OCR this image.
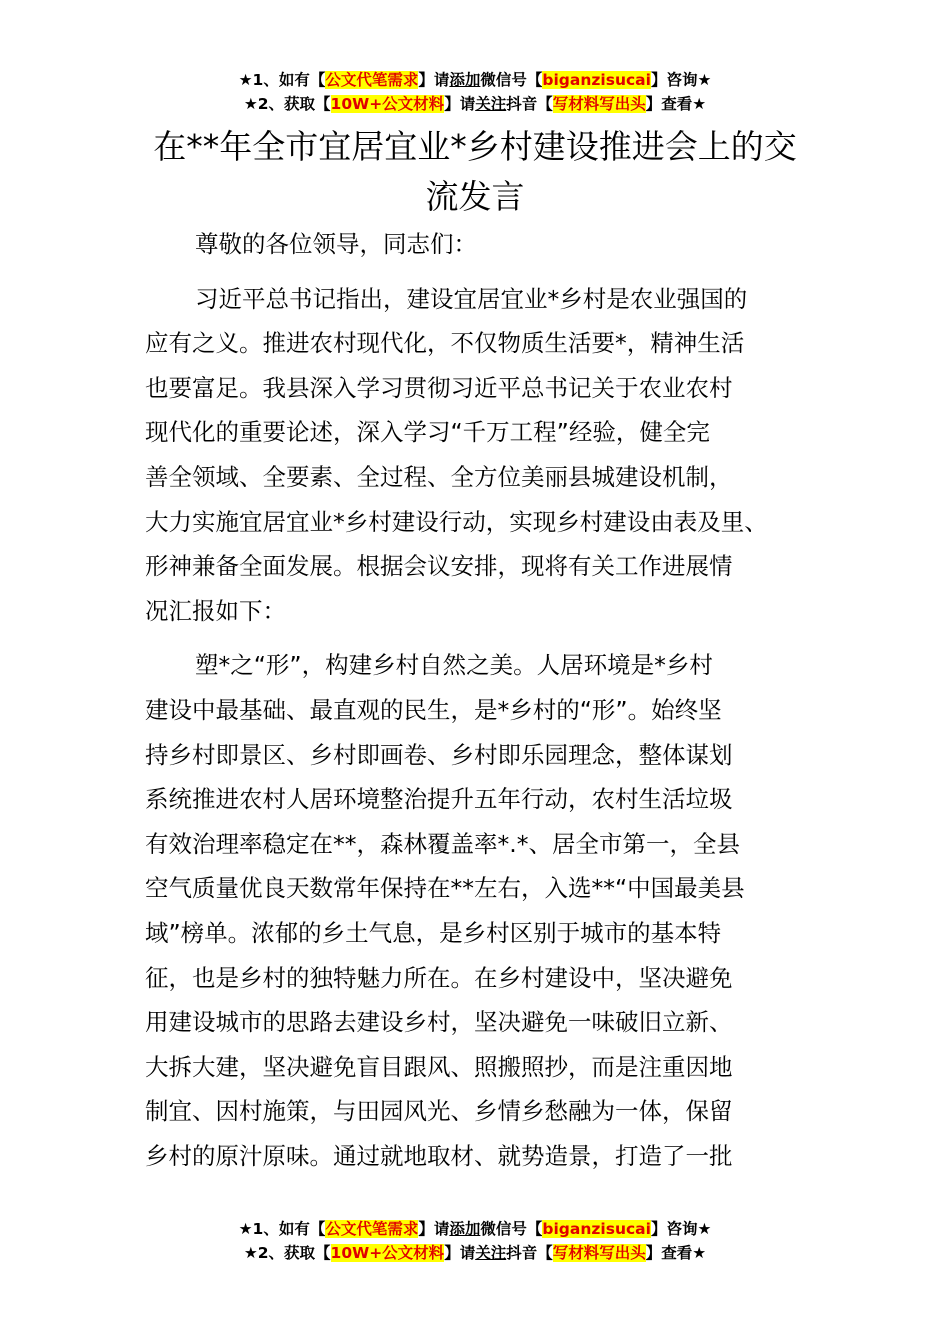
★1、如有【公文代笔需求】请添加微信号【biganzisucai】咨询★
★2、获取【10W+公文材料】请关注抖音【写材料写出头】查看★
在**年全市宜居宜业*乡村建设推进会上的交
流发言
尊敬的各位领导，同志们：
习近平总书记指出，建设宜居宜业*乡村是农业强国的
应有之义。推进农村现代化，不仅物质生活要*，精神生活
也要富足。我县深入学习贯彻习近平总书记关于农业农村
现代化的重要论述，深入学习“千万工程”经验，健全完
善全领域、全要素、全过程、全方位美丽县城建设机制，
大力实施宜居宜业*乡村建设行动，实现乡村建设由表及里、
形神兼备全面发展。根据会议安排，现将有关工作进展情
况汇报如下：
塑*之“形”，构建乡村自然之美。人居环境是*乡村
建设中最基础、最直观的民生，是*乡村的“形”。始终坚
持乡村即景区、乡村即画卷、乡村即乐园理念，整体谋划
系统推进农村人居环境整治提升五年行动，农村生活垃圾
有效治理率稳定在**，森林覆盖率*.*、居全市第一，全县
空气质量优良天数常年保持在**左右，入选**“中国最美县
域”榜单。浓郁的乡土气息，是乡村区别于城市的基本特
征，也是乡村的独特魅力所在。在乡村建设中，坚决避免
用建设城市的思路去建设乡村，坚决避免一味破旧立新、
大拆大建，坚决避免盲目跟风、照搬照抄，而是注重因地
制宜、因村施策，与田园风光、乡情乡愁融为一体，保留
乡村的原汁原味。通过就地取材、就势造景，打造了一批
★1、如有【公文代笔需求】请添加微信号【biganzisucai】咨询★
★2、获取【10W+公文材料】请关注抖音【写材料写出头】查看★
